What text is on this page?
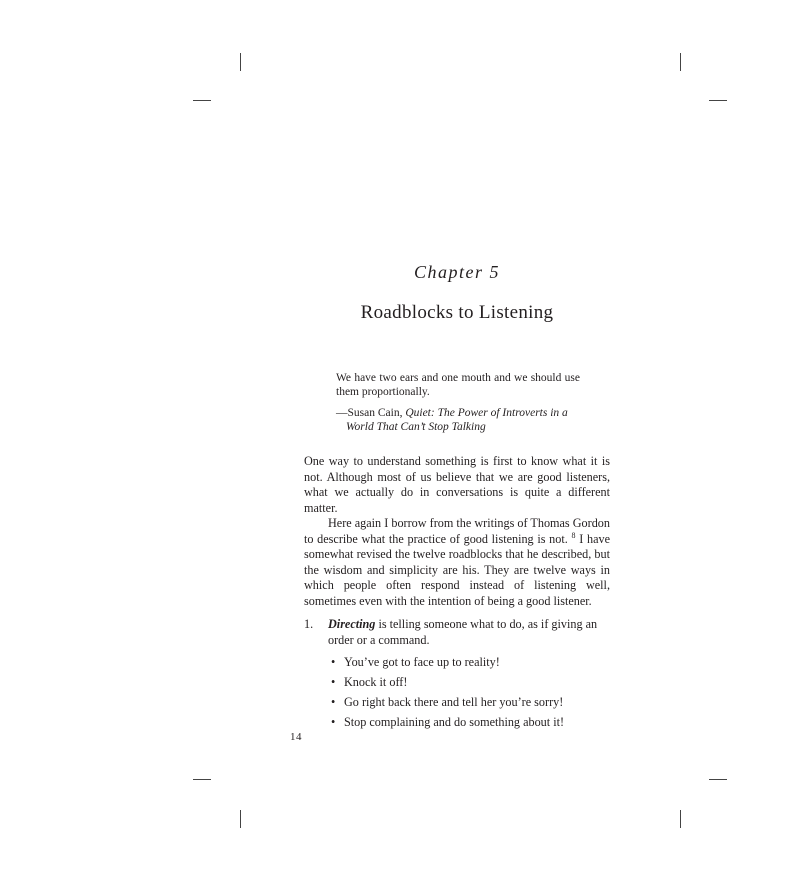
Chapter 5
Roadblocks to Listening
We have two ears and one mouth and we should use them proportionally.
—Susan Cain, Quiet: The Power of Introverts in a World That Can’t Stop Talking

One way to understand something is first to know what it is not. Although most of us believe that we are good listeners, what we actually do in conversations is quite a different matter.

Here again I borrow from the writings of Thomas Gordon to describe what the practice of good listening is not. $^8$ I have somewhat revised the twelve roadblocks that he described, but the wisdom and simplicity are his. They are twelve ways in which people often respond instead of listening well, sometimes even with the intention of being a good listener.

1. Directing is telling someone what to do, as if giving an order or a command.
• You’ve got to face up to reality!
• Knock it off!
• Go right back there and tell her you’re sorry!
• Stop complaining and do something about it!
14
